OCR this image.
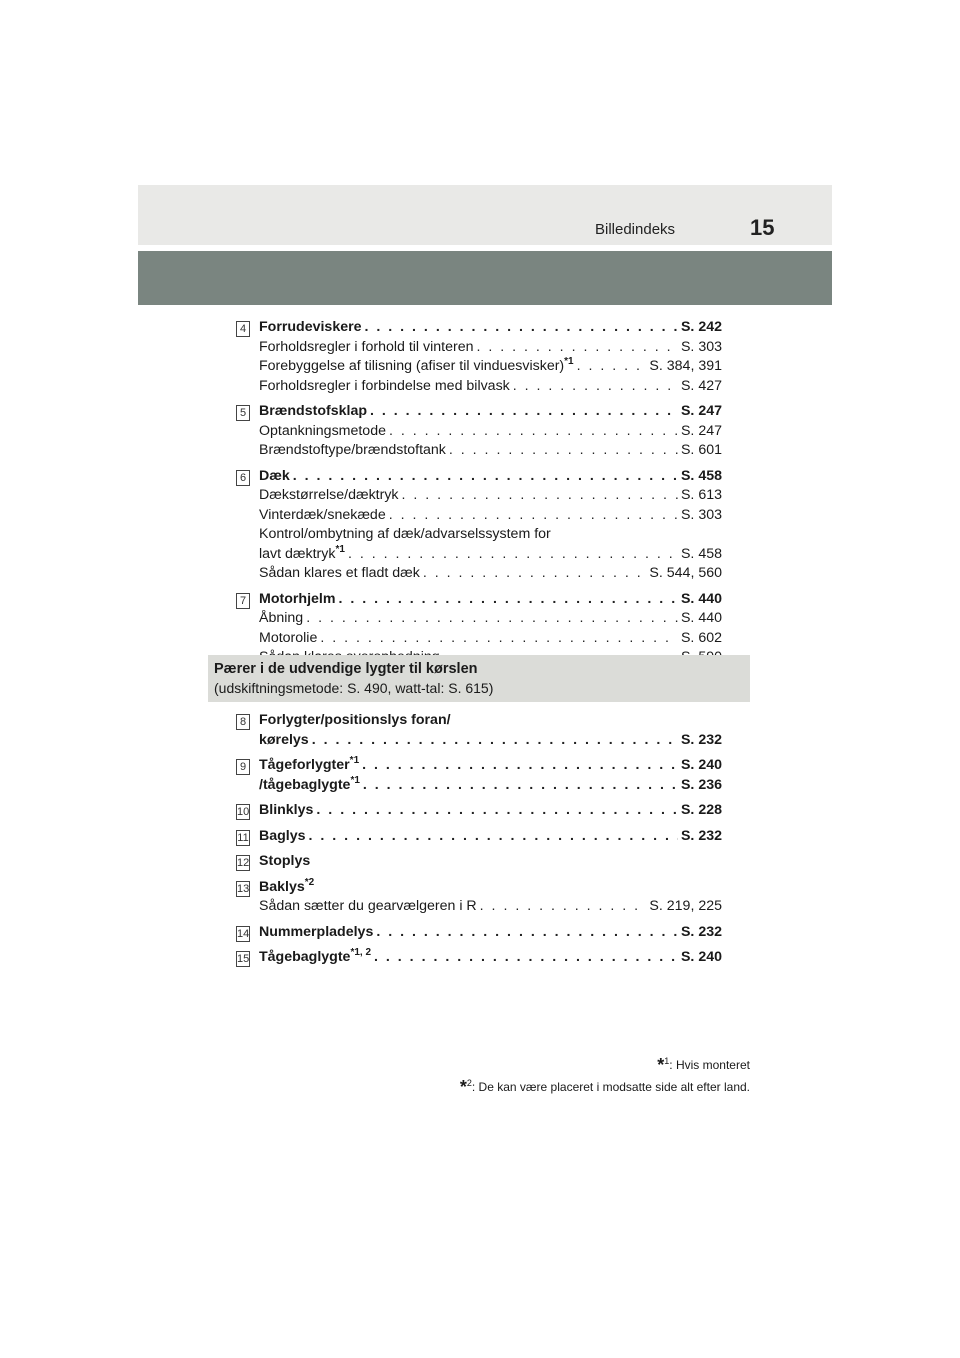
Billedindeks	15
4 Forrudeviskere . . .	S. 242
Forholdsregler i forhold til vinteren . . .	S. 303
Forebyggelse af tilisning (afiser til vinduesvisker)$^{*1}$ . . .	S. 384, 391
Forholdsregler i forbindelse med bilvask . . .	S. 427
5 Brændstofsklap . . .	S. 247
Optankningsmetode . . .	S. 247
Brændstoftype/brændstoftank . . .	S. 601
6 Dæk . . .	S. 458
Dækstørrelse/dæktryk . . .	S. 613
Vinterdæk/snekæde . . .	S. 303
Kontrol/ombytning af dæk/advarselssystem for
lavt dæktryk$^{*1}$ . . .	S. 458
Sådan klares et fladt dæk . . .	S. 544, 560
7 Motorhjelm . . .	S. 440
Åbning . . .	S. 440
Motorolie . . .	S. 602
. . .
Pærer i de udvendige lygter til kørslen
(udskiftningsmetode: S. 490, watt-tal: S. 615)
8 Forlygter/positionslys foran/
kørelys . . .	S. 232
9 Tågeforlygter$^{*1}$ . . .	S. 240
/tågebaglygte$^{*1}$ . . .	S. 236
10 Blinklys . . .	S. 228
11 Baglys . . .	S. 232
12 Stoplys
13 Baklys$^{*2}$
Sådan sætter du gearvælgeren i R . . .	S. 219, 225
14 Nummerpladelys . . .	S. 232
15 Tågebaglygte$^{*1, 2}$ . . .	S. 240
*$^1$: Hvis monteret
*$^2$: De kan være placeret i modsatte side alt efter land.
